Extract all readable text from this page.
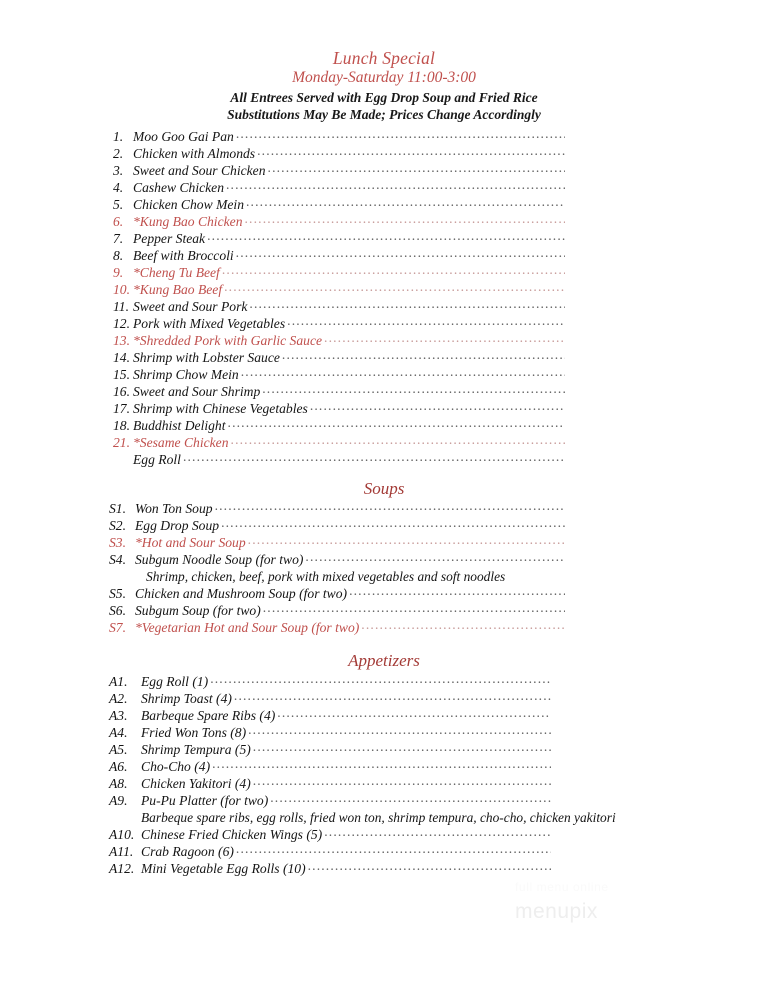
Lunch Special
Monday-Saturday 11:00-3:00
All Entrees Served with Egg Drop Soup and Fried Rice
Substitutions May Be Made; Prices Change Accordingly
1. Moo Goo Gai Pan
.....
2. Chicken with Almonds
.....
3. Sweet and Sour Chicken
.....
4. Cashew Chicken
.....
5. Chicken Chow Mein
.....
6. *Kung Bao Chicken
.....
7. Pepper Steak
.....
8. Beef with Broccoli
.....
9. *Cheng Tu Beef
.....
10. *Kung Bao Beef
.....
11. Sweet and Sour Pork
.....
12. Pork with Mixed Vegetables
.....
13. *Shredded Pork with Garlic Sauce
.....
14. Shrimp with Lobster Sauce
.....
15. Shrimp Chow Mein
.....
16. Sweet and Sour Shrimp
.....
17. Shrimp with Chinese Vegetables
.....
18. Buddhist Delight
.....
21. *Sesame Chicken
.....
Egg Roll
.....
Soups
S1. Won Ton Soup
.....
S2. Egg Drop Soup
.....
S3. *Hot and Sour Soup
.....
S4. Subgum Noodle Soup (for two)
.....
Shrimp, chicken, beef, pork with mixed vegetables and soft noodles
S5. Chicken and Mushroom Soup (for two)
.....
S6. Subgum Soup (for two)
.....
S7. *Vegetarian Hot and Sour Soup (for two)
.....
Appetizers
A1. Egg Roll (1)
.....
A2. Shrimp Toast (4)
.....
A3. Barbeque Spare Ribs (4)
.....
A4. Fried Won Tons (8)
.....
A5. Shrimp Tempura (5)
.....
A6. Cho-Cho (4)
.....
A8. Chicken Yakitori (4)
.....
A9. Pu-Pu Platter (for two)
.....
Barbeque spare ribs, egg rolls, fried won ton, shrimp tempura, cho-cho, chicken yakitori
A10. Chinese Fried Chicken Wings (5)
.....
A11. Crab Ragoon (6)
.....
A12. Mini Vegetable Egg Rolls (10)
.....
full menu online
menupix
